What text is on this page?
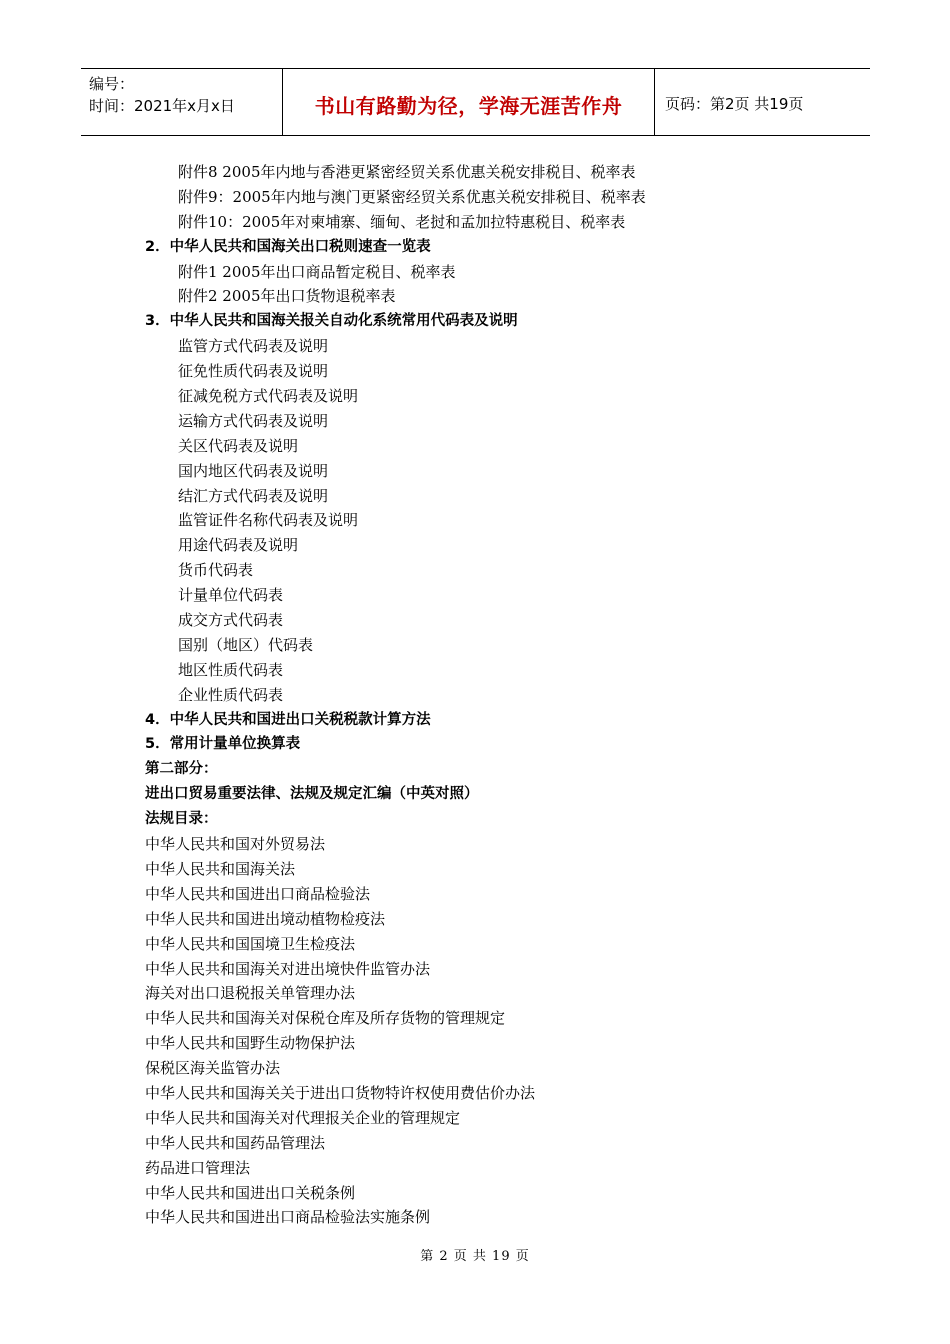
编号：
时间：2021年x月x日	书山有路勤为径，学海无涯苦作舟	页码：第2页 共19页
附件8 2005年内地与香港更紧密经贸关系优惠关税安排税目、税率表
附件9：2005年内地与澳门更紧密经贸关系优惠关税安排税目、税率表
附件10：2005年对柬埔寨、缅甸、老挝和孟加拉特惠税目、税率表
2．中华人民共和国海关出口税则速查一览表
附件1 2005年出口商品暂定税目、税率表
附件2 2005年出口货物退税率表
3．中华人民共和国海关报关自动化系统常用代码表及说明
监管方式代码表及说明
征免性质代码表及说明
征减免税方式代码表及说明
运输方式代码表及说明
关区代码表及说明
国内地区代码表及说明
结汇方式代码表及说明
监管证件名称代码表及说明
用途代码表及说明
货币代码表
计量单位代码表
成交方式代码表
国别（地区）代码表
地区性质代码表
企业性质代码表
4．中华人民共和国进出口关税税款计算方法
5．常用计量单位换算表
第二部分：
进出口贸易重要法律、法规及规定汇编（中英对照）
法规目录：
中华人民共和国对外贸易法
中华人民共和国海关法
中华人民共和国进出口商品检验法
中华人民共和国进出境动植物检疫法
中华人民共和国国境卫生检疫法
中华人民共和国海关对进出境快件监管办法
海关对出口退税报关单管理办法
中华人民共和国海关对保税仓库及所存货物的管理规定
中华人民共和国野生动物保护法
保税区海关监管办法
中华人民共和国海关关于进出口货物特许权使用费估价办法
中华人民共和国海关对代理报关企业的管理规定
中华人民共和国药品管理法
药品进口管理法
中华人民共和国进出口关税条例
中华人民共和国进出口商品检验法实施条例
第 2 页 共 19 页
